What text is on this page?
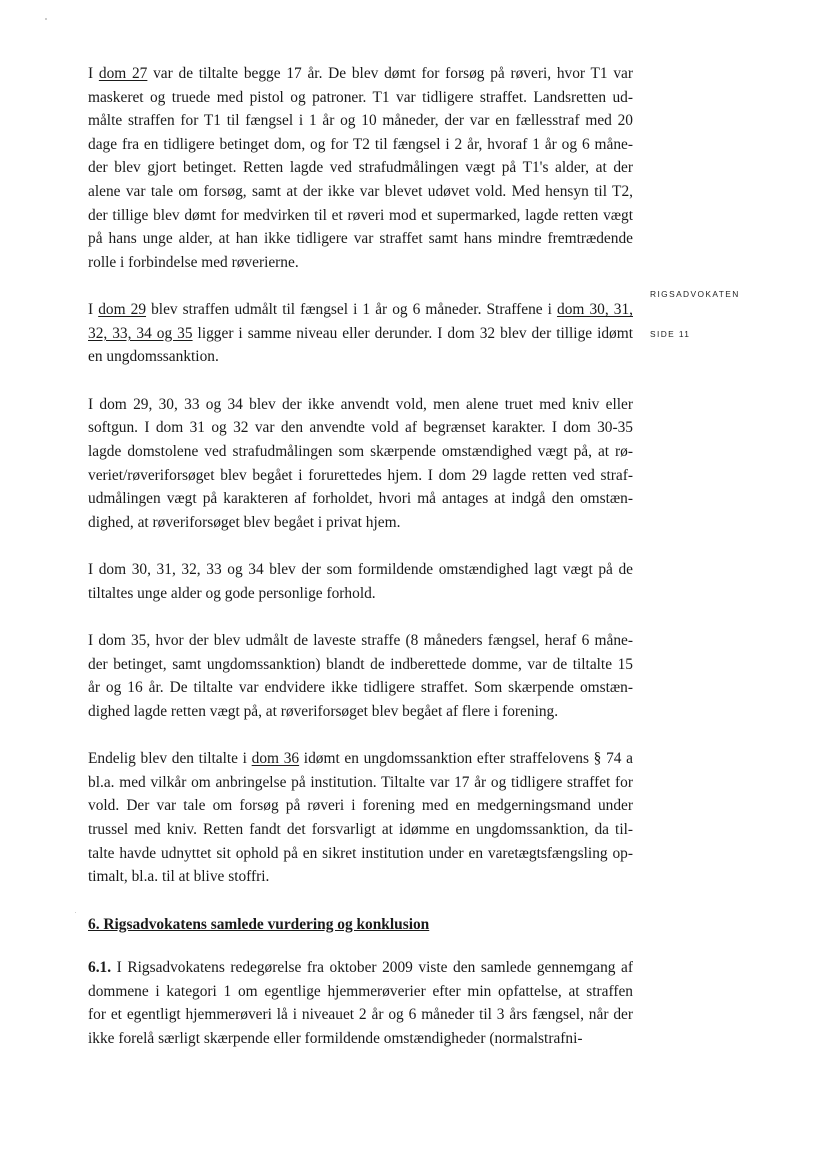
RIGSADVOKATEN
SIDE 11
I dom 27 var de tiltalte begge 17 år. De blev dømt for forsøg på røveri, hvor T1 var
maskeret og truede med pistol og patroner. T1 var tidligere straffet. Landsretten ud-
målte straffen for T1 til fængsel i 1 år og 10 måneder, der var en fællesstraf med 20
dage fra en tidligere betinget dom, og for T2 til fængsel i 2 år, hvoraf 1 år og 6 måne-
der blev gjort betinget. Retten lagde ved strafudmålingen vægt på T1's alder, at der
alene var tale om forsøg, samt at der ikke var blevet udøvet vold. Med hensyn til T2,
der tillige blev dømt for medvirken til et røveri mod et supermarked, lagde retten vægt
på hans unge alder, at han ikke tidligere var straffet samt hans mindre fremtrædende
rolle i forbindelse med røverierne.
I dom 29 blev straffen udmålt til fængsel i 1 år og 6 måneder. Straffene i dom 30, 31,
32, 33, 34 og 35 ligger i samme niveau eller derunder. I dom 32 blev der tillige idømt
en ungdomssanktion.
I dom 29, 30, 33 og 34 blev der ikke anvendt vold, men alene truet med kniv eller
softgun. I dom 31 og 32 var den anvendte vold af begrænset karakter. I dom 30-35
lagde domstolene ved strafudmålingen som skærpende omstændighed vægt på, at rø-
veriet/røveriforsøget blev begået i forurettedes hjem. I dom 29 lagde retten ved straf-
udmålingen vægt på karakteren af forholdet, hvori må antages at indgå den omstæn-
dighed, at røveriforsøget blev begået i privat hjem.
I dom 30, 31, 32, 33 og 34 blev der som formildende omstændighed lagt vægt på de
tiltaltes unge alder og gode personlige forhold.
I dom 35, hvor der blev udmålt de laveste straffe (8 måneders fængsel, heraf 6 måne-
der betinget, samt ungdomssanktion) blandt de indberettede domme, var de tiltalte 15
år og 16 år. De tiltalte var endvidere ikke tidligere straffet. Som skærpende omstæn-
dighed lagde retten vægt på, at røveriforsøget blev begået af flere i forening.
Endelig blev den tiltalte i dom 36 idømt en ungdomssanktion efter straffelovens § 74 a
bl.a. med vilkår om anbringelse på institution. Tiltalte var 17 år og tidligere straffet for
vold. Der var tale om forsøg på røveri i forening med en medgerningsmand under
trussel med kniv. Retten fandt det forsvarligt at idømme en ungdomssanktion, da til-
talte havde udnyttet sit ophold på en sikret institution under en varetægtsfængsling op-
timalt, bl.a. til at blive stoffri.
6. Rigsadvokatens samlede vurdering og konklusion
6.1. I Rigsadvokatens redegørelse fra oktober 2009 viste den samlede gennemgang af
dommene i kategori 1 om egentlige hjemmerøverier efter min opfattelse, at straffen
for et egentligt hjemmerøveri lå i niveauet 2 år og 6 måneder til 3 års fængsel, når der
ikke forelå særligt skærpende eller formildende omstændigheder (normalstrafni-
